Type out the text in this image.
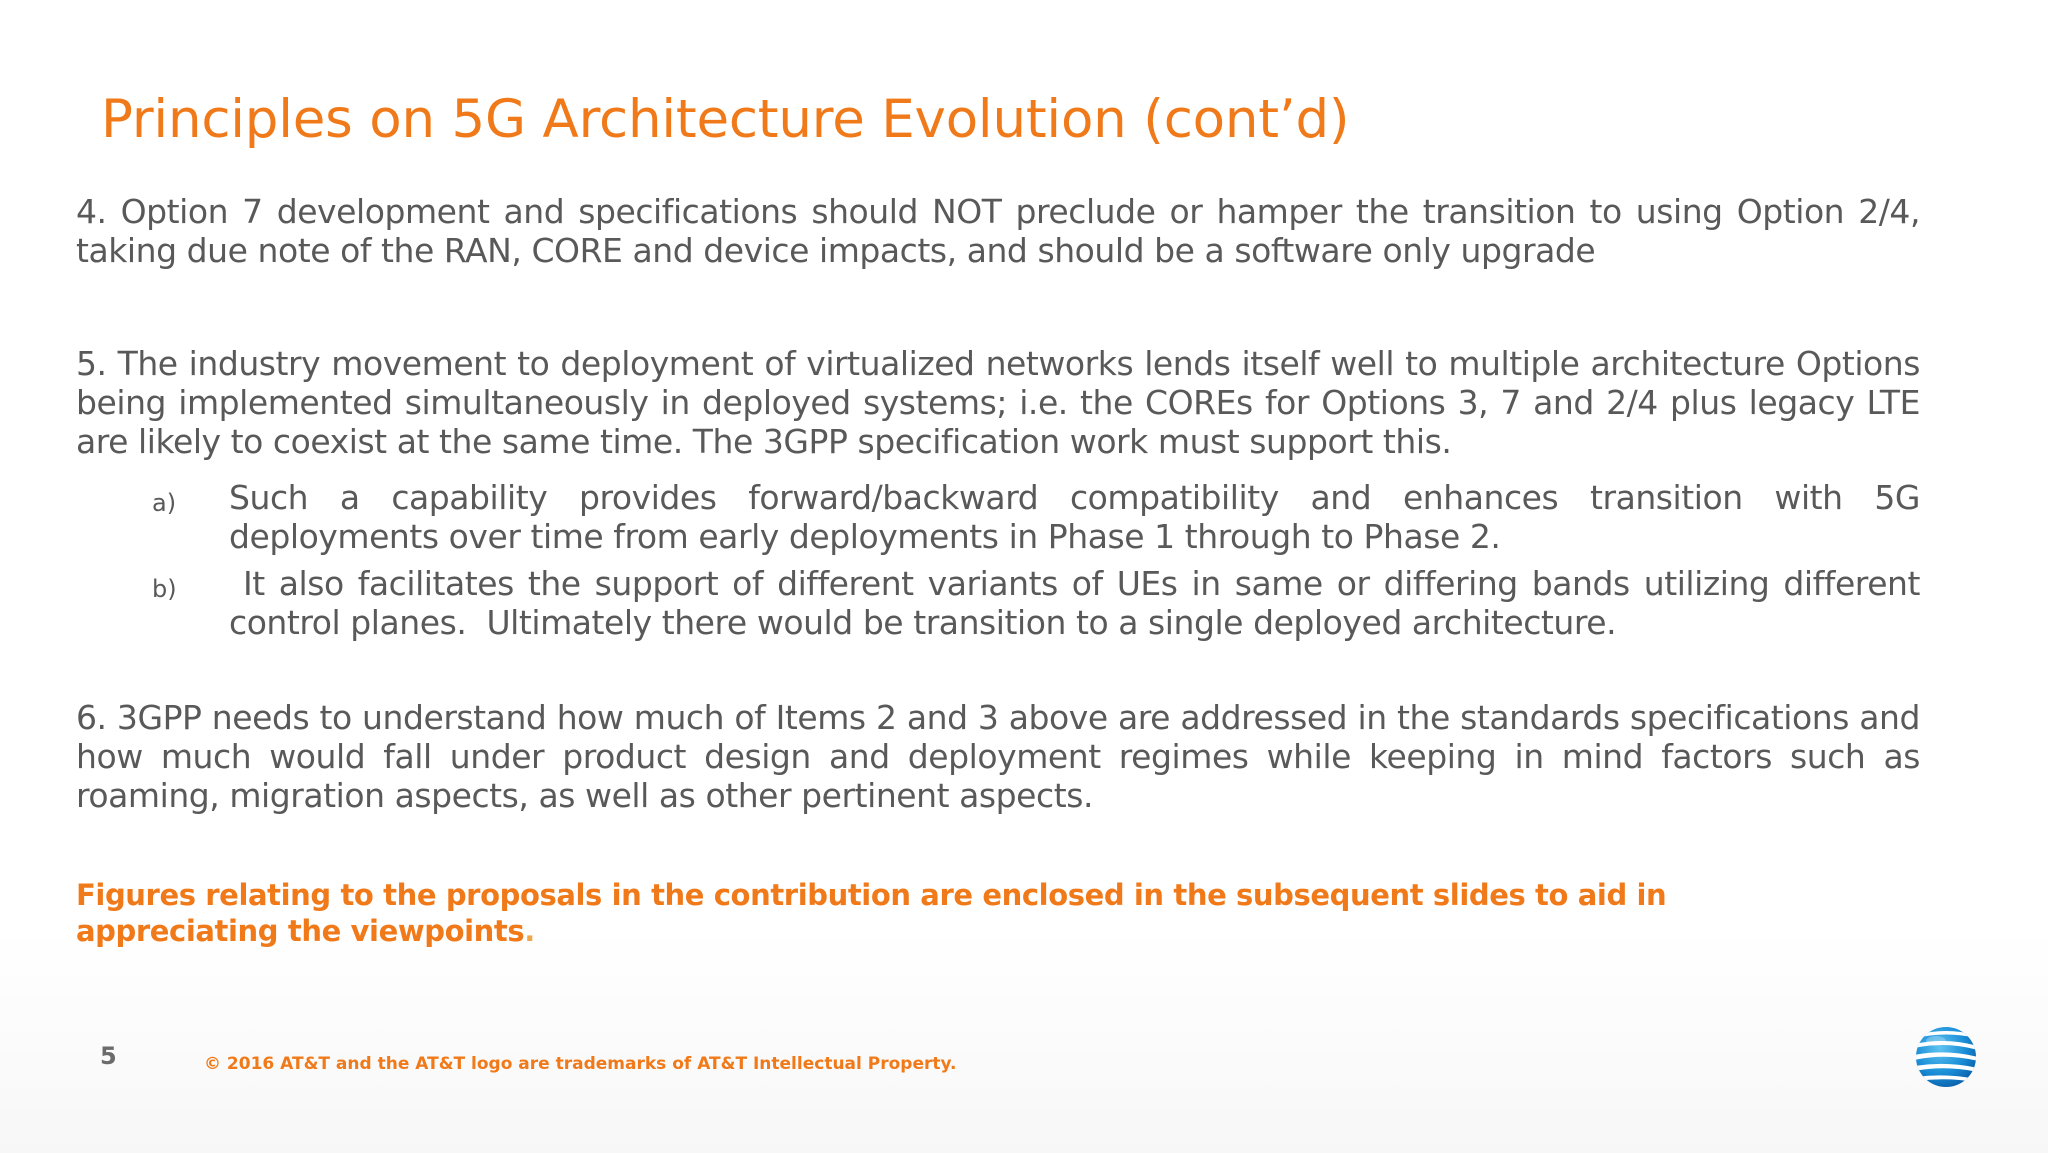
Principles on 5G Architecture Evolution (cont’d)
4. Option 7 development and specifications should NOT preclude or hamper the transition to using Option 2/4, taking due note of the RAN, CORE and device impacts, and should be a software only upgrade
5. The industry movement to deployment of virtualized networks lends itself well to multiple architecture Options being implemented simultaneously in deployed systems; i.e. the COREs for Options 3, 7 and 2/4 plus legacy LTE are likely to coexist at the same time. The 3GPP specification work must support this.
a) Such a capability provides forward/backward compatibility and enhances transition with 5G deployments over time from early deployments in Phase 1 through to Phase 2.
b) It also facilitates the support of different variants of UEs in same or differing bands utilizing different control planes.  Ultimately there would be transition to a single deployed architecture.
6. 3GPP needs to understand how much of Items 2 and 3 above are addressed in the standards specifications and how much would fall under product design and deployment regimes while keeping in mind factors such as roaming, migration aspects, as well as other pertinent aspects.
Figures relating to the proposals in the contribution are enclosed in the subsequent slides to aid in appreciating the viewpoints.
5	© 2016 AT&T and the AT&T logo are trademarks of AT&T Intellectual Property.
